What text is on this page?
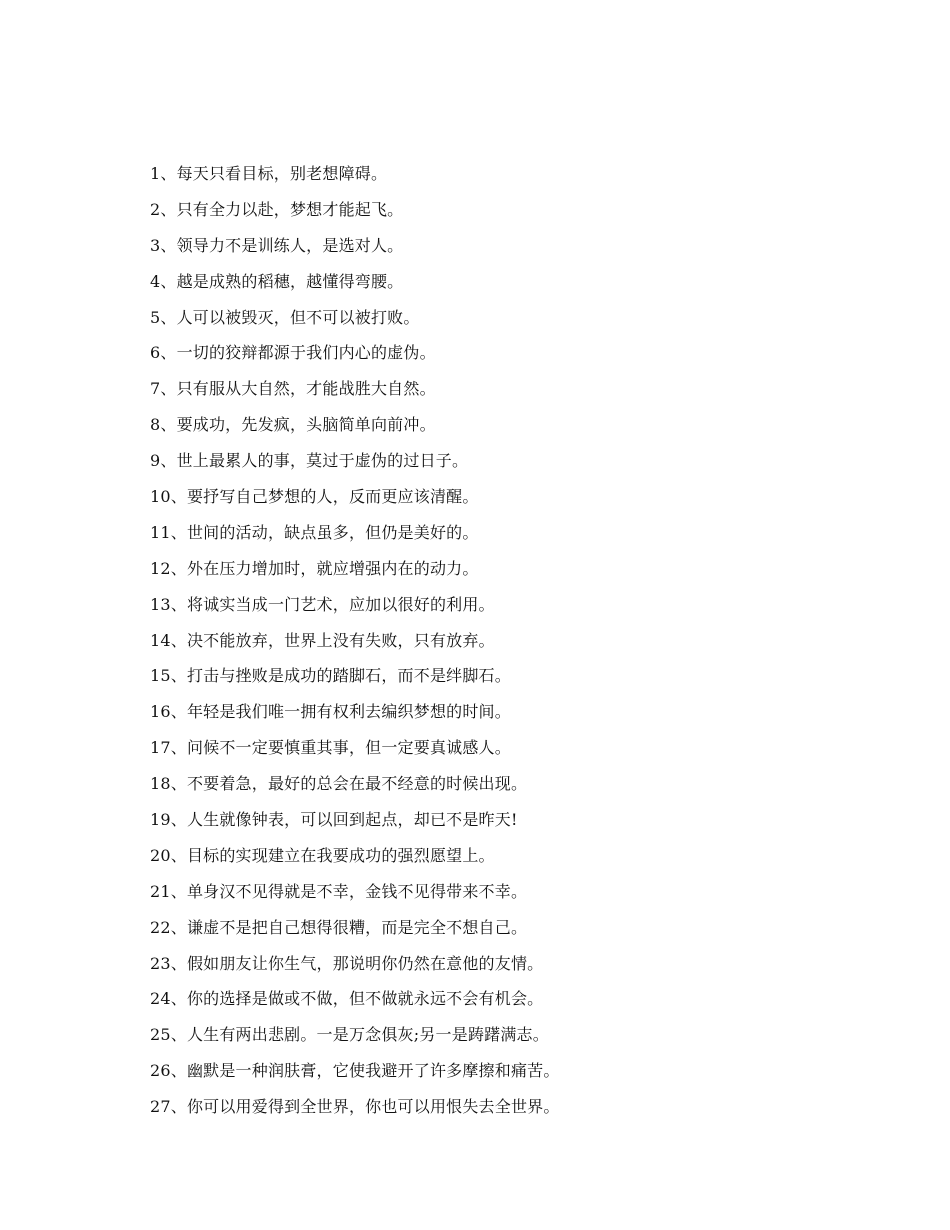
1、每天只看目标，别老想障碍。
2、只有全力以赴，梦想才能起飞。
3、领导力不是训练人，是选对人。
4、越是成熟的稻穗，越懂得弯腰。
5、人可以被毁灭，但不可以被打败。
6、一切的狡辩都源于我们内心的虚伪。
7、只有服从大自然，才能战胜大自然。
8、要成功，先发疯，头脑简单向前冲。
9、世上最累人的事，莫过于虚伪的过日子。
10、要抒写自己梦想的人，反而更应该清醒。
11、世间的活动，缺点虽多，但仍是美好的。
12、外在压力增加时，就应增强内在的动力。
13、将诚实当成一门艺术，应加以很好的利用。
14、决不能放弃，世界上没有失败，只有放弃。
15、打击与挫败是成功的踏脚石，而不是绊脚石。
16、年轻是我们唯一拥有权利去编织梦想的时间。
17、问候不一定要慎重其事，但一定要真诚感人。
18、不要着急，最好的总会在最不经意的时候出现。
19、人生就像钟表，可以回到起点，却已不是昨天!
20、目标的实现建立在我要成功的强烈愿望上。
21、单身汉不见得就是不幸，金钱不见得带来不幸。
22、谦虚不是把自己想得很糟，而是完全不想自己。
23、假如朋友让你生气，那说明你仍然在意他的友情。
24、你的选择是做或不做，但不做就永远不会有机会。
25、人生有两出悲剧。一是万念俱灰;另一是踌躇满志。
26、幽默是一种润肤膏，它使我避开了许多摩擦和痛苦。
27、你可以用爱得到全世界，你也可以用恨失去全世界。
